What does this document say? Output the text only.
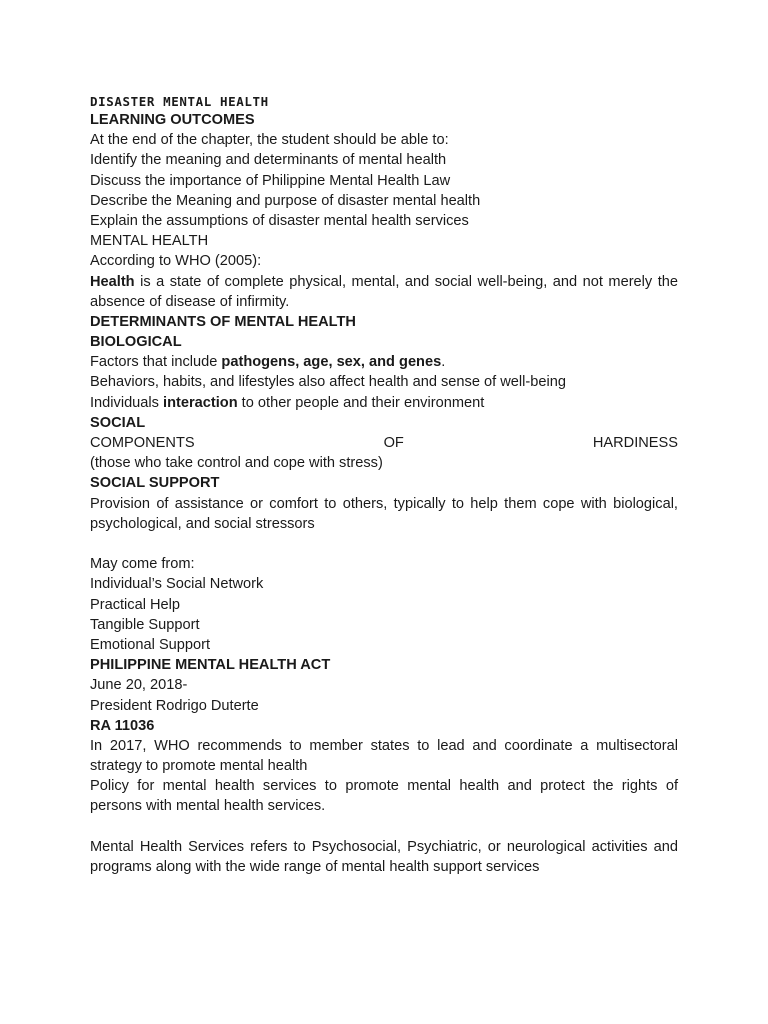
DISASTER MENTAL HEALTH
LEARNING OUTCOMES
At the end of the chapter, the student should be able to:
Identify the meaning and determinants of mental health
Discuss the importance of Philippine Mental Health Law
Describe the Meaning and purpose of disaster mental health
Explain the assumptions of disaster mental health services
MENTAL HEALTH
According to WHO (2005):
Health is a state of complete physical, mental, and social well-being, and not merely the absence of disease of infirmity.
DETERMINANTS OF MENTAL HEALTH
BIOLOGICAL
Factors that include pathogens, age, sex, and genes.
Behaviors, habits, and lifestyles also affect health and sense of well-being
Individuals interaction to other people and their environment
SOCIAL
COMPONENTS	OF	HARDINESS
(those who take control and cope with stress)
SOCIAL SUPPORT
Provision of assistance or comfort to others, typically to help them cope with biological, psychological, and social stressors
May come from:
Individual’s Social Network
Practical Help
Tangible Support
Emotional Support
PHILIPPINE MENTAL HEALTH ACT
June 20, 2018-
President Rodrigo Duterte
RA 11036
In 2017, WHO recommends to member states to lead and coordinate a multisectoral strategy to promote mental health
Policy for mental health services to promote mental health and protect the rights of persons with mental health services.
Mental Health Services refers to Psychosocial, Psychiatric, or neurological activities and programs along with the wide range of mental health support services
